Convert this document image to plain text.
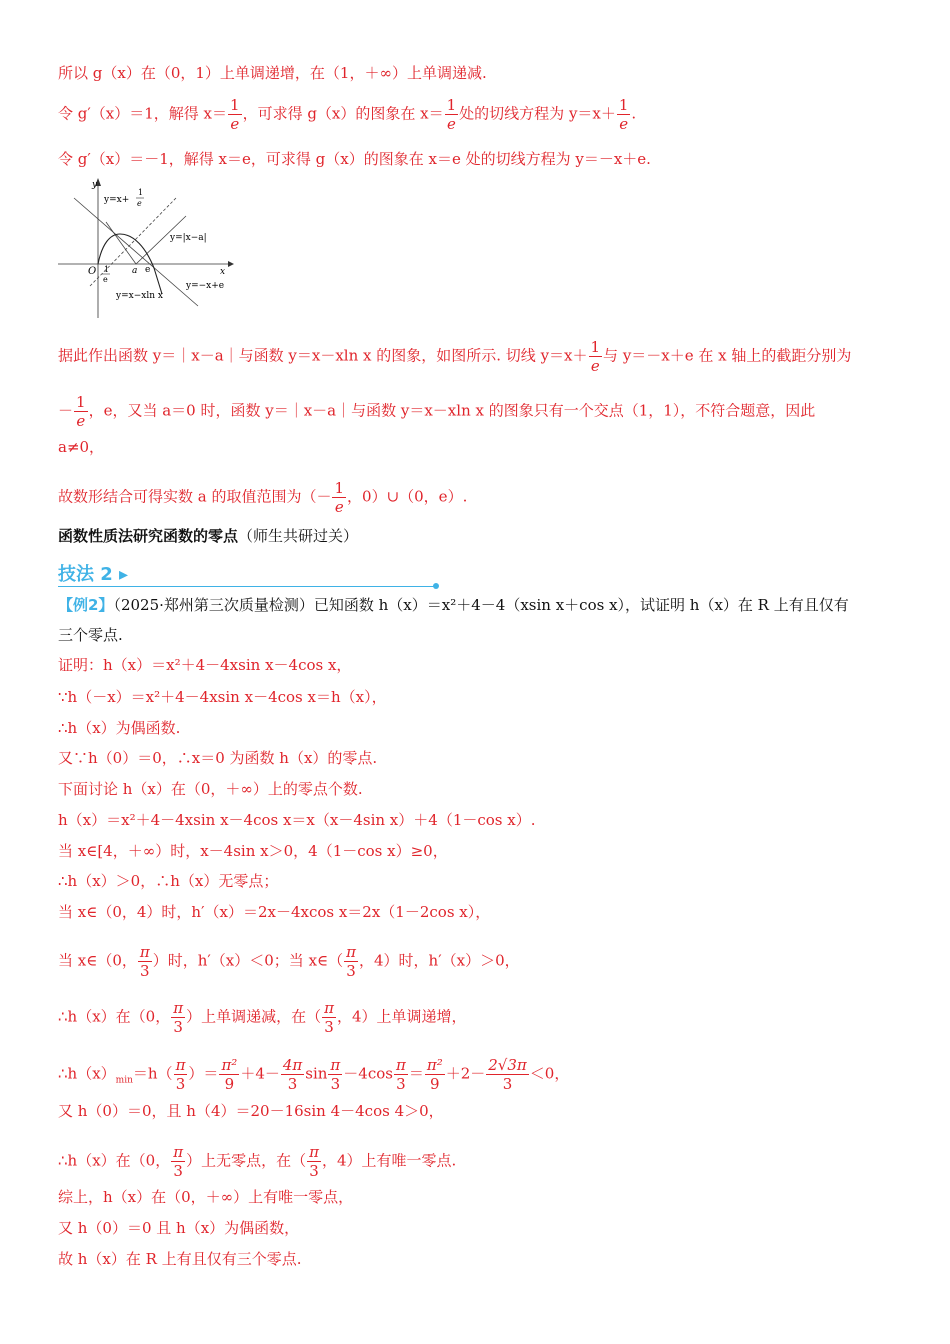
所以 g（x）在（0，1）上单调递增，在（1，＋∞）上单调递减.
令 g′（x）＝1，解得 $x= \frac{1}{e}$ ，可求得 g（x）的图象在 $x= \frac{1}{e}$ 处的切线方程为 $y=x+ \frac{1}{e}$ .
令 g′（x）＝－1，解得 x＝e，可求得 g（x）的图象在 x＝e 处的切线方程为 y＝－x＋e.
y
x
O
y=x+
1
e
y=|x−a|
a e
1
e
y=x−xln x
y=−x+e
据此作出函数 y＝｜x－a｜与函数 y＝x－xln x 的图象，如图所示. 切线 $y=x+ \frac{1}{e}$ 与 y＝－x＋e 在 x 轴上的截距分别为
－ $\frac{1}{e}$ ，e，又当 a＝0 时，函数 y＝｜x－a｜与函数 y＝x－xln x 的图象只有一个交点（1，1），不符合题意，因此
a≠0，
故数形结合可得实数 a 的取值范围为（－ $\frac{1}{e}$ ，0）∪（0，e）.
函数性质法研究函数的零点（师生共研过关）
技法 2 ▸
【例2】（2025·郑州第三次质量检测）已知函数 h（x）＝x²＋4－4（xsin x＋cos x），试证明 h（x）在 R 上有且仅有
三个零点.
证明：h（x）＝x²＋4－4xsin x－4cos x，
∵h（－x）＝x²＋4－4xsin x－4cos x＝h（x），
∴h（x）为偶函数.
又∵h（0）＝0，∴x＝0 为函数 h（x）的零点.
下面讨论 h（x）在（0，＋∞）上的零点个数.
h（x）＝x²＋4－4xsin x－4cos x＝x（x－4sin x）＋4（1－cos x）.
当 x∈[4，＋∞）时，x－4sin x＞0，4（1－cos x）≥0，
∴h（x）＞0，∴h（x）无零点；
当 x∈（0，4）时，h′（x）＝2x－4xcos x＝2x（1－2cos x），
当 x∈（0， $\frac{\pi}{3}$ ）时，h′（x）＜0；当 x∈（ $\frac{\pi}{3}$ ，4）时，h′（x）＞0，
∴h（x）在（0， $\frac{\pi}{3}$ ）上单调递减，在（ $\frac{\pi}{3}$ ，4）上单调递增，
$\therefore h(x)_{min}=h( \frac{\pi}{3}$ ）＝ $\frac{\text{π²}}{9} +4- \frac{4\pi}{3}$ $\sin \frac{\pi}{3} -4\cos \frac{\pi}{3} = \frac{\text{π²}}{9} +2- \frac{2√3\pi}{3} <0$，
又 h（0）＝0，且 h（4）＝20－16sin 4－4cos 4＞0，
∴h（x）在（0， $\frac{\pi}{3}$ ）上无零点，在（ $\frac{\pi}{3}$ ，4）上有唯一零点.
综上，h（x）在（0，＋∞）上有唯一零点，
又 h（0）＝0 且 h（x）为偶函数，
故 h（x）在 R 上有且仅有三个零点.
